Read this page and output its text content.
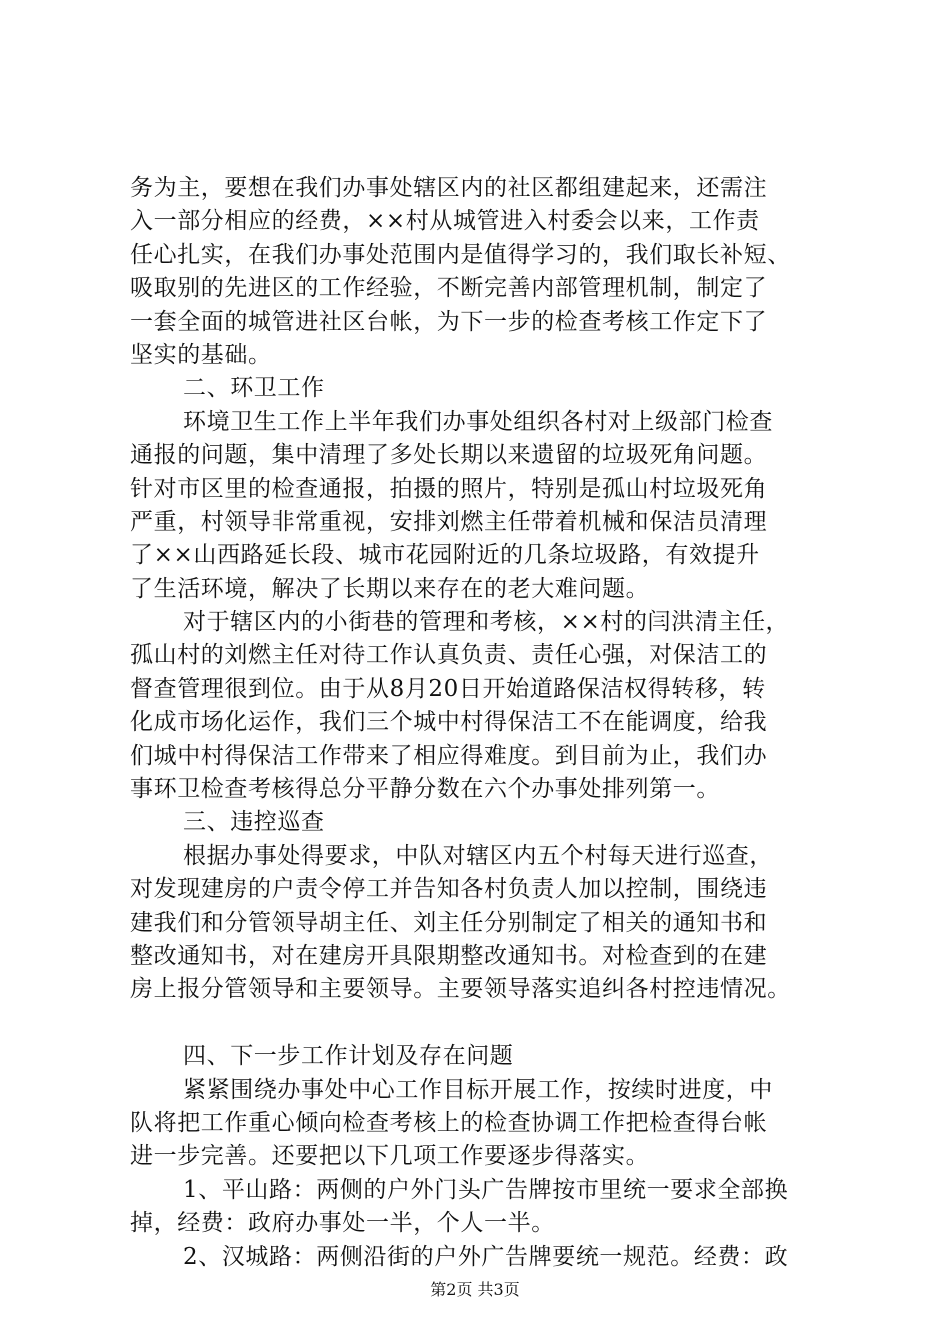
务为主，要想在我们办事处辖区内的社区都组建起来，还需注
入一部分相应的经费，××村从城管进入村委会以来，工作责
任心扎实，在我们办事处范围内是值得学习的，我们取长补短、
吸取别的先进区的工作经验，不断完善内部管理机制，制定了
一套全面的城管进社区台帐，为下一步的检查考核工作定下了
坚实的基础。
二、环卫工作
环境卫生工作上半年我们办事处组织各村对上级部门检查
通报的问题，集中清理了多处长期以来遗留的垃圾死角问题。
针对市区里的检查通报，拍摄的照片，特别是孤山村垃圾死角
严重，村领导非常重视，安排刘燃主任带着机械和保洁员清理
了××山西路延长段、城市花园附近的几条垃圾路，有效提升
了生活环境，解决了长期以来存在的老大难问题。
对于辖区内的小街巷的管理和考核，××村的闫洪清主任，
孤山村的刘燃主任对待工作认真负责、责任心强，对保洁工的
督查管理很到位。由于从8月20日开始道路保洁权得转移，转
化成市场化运作，我们三个城中村得保洁工不在能调度，给我
们城中村得保洁工作带来了相应得难度。到目前为止，我们办
事环卫检查考核得总分平静分数在六个办事处排列第一。
三、违控巡查
根据办事处得要求，中队对辖区内五个村每天进行巡查，
对发现建房的户责令停工并告知各村负责人加以控制，围绕违
建我们和分管领导胡主任、刘主任分别制定了相关的通知书和
整改通知书，对在建房开具限期整改通知书。对检查到的在建
房上报分管领导和主要领导。主要领导落实追纠各村控违情况。
四、下一步工作计划及存在问题
紧紧围绕办事处中心工作目标开展工作，按续时进度，中
队将把工作重心倾向检查考核上的检查协调工作把检查得台帐
进一步完善。还要把以下几项工作要逐步得落实。
1、平山路：两侧的户外门头广告牌按市里统一要求全部换
掉，经费：政府办事处一半，个人一半。
2、汉城路：两侧沿街的户外广告牌要统一规范。经费：政
第2页 共3页
